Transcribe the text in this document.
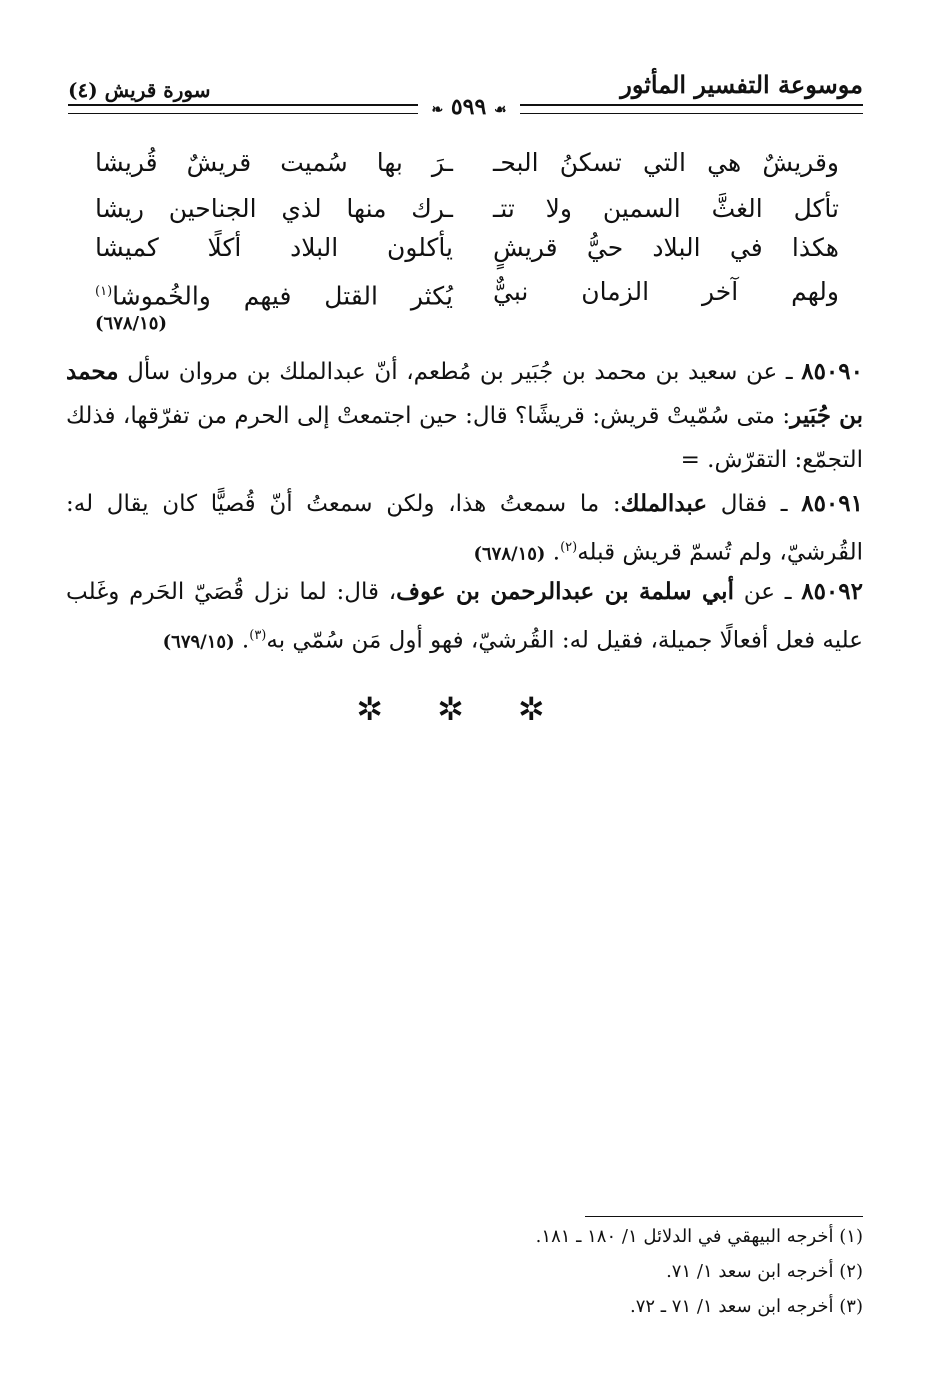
موسوعة التفسير المأثور
سورة قريش (٤)
❧ ٥٩٩ ☙
وقريشٌ هي التي تسكنُ البحـ
ـرَ بها سُميت قريشٌ قُريشا
تأكل الغثَّ السمين ولا تتـ
ـرك منها لذي الجناحين ريشا
هكذا في البلاد حيُّ قريشٍ
يأكلون البلاد أكلًا كميشا
ولهم آخر الزمان نبيٌّ
يُكثر القتل فيهم والخُموشا$^{(١)}$
(٦٧٨/١٥)
٨٥٠٩٠ ـ عن سعيد بن محمد بن جُبَير بن مُطعم، أنّ عبدالملك بن مروان سأل محمد بن جُبَير: متى سُمّيتْ قريش: قريشًا؟ قال: حين اجتمعتْ إلى الحرم من تفرّقها، فذلك التجمّع: التقرّش. =
٨٥٠٩١ ـ فقال عبدالملك: ما سمعتُ هذا، ولكن سمعتُ أنّ قُصيًّا كان يقال له: القُرشيّ، ولم تُسمّ قريش قبله$^{(٢)}$. (٦٧٨/١٥)
٨٥٠٩٢ ـ عن أبي سلمة بن عبدالرحمن بن عوف، قال: لما نزل قُصَيّ الحَرم وغَلب عليه فعل أفعالًا جميلة، فقيل له: القُرشيّ، فهو أول مَن سُمّي به$^{(٣)}$. (٦٧٩/١٥)
✲ ✲ ✲
(١) أخرجه البيهقي في الدلائل ١/ ١٨٠ ـ ١٨١.
(٢) أخرجه ابن سعد ١/ ٧١.
(٣) أخرجه ابن سعد ١/ ٧١ ـ ٧٢.
